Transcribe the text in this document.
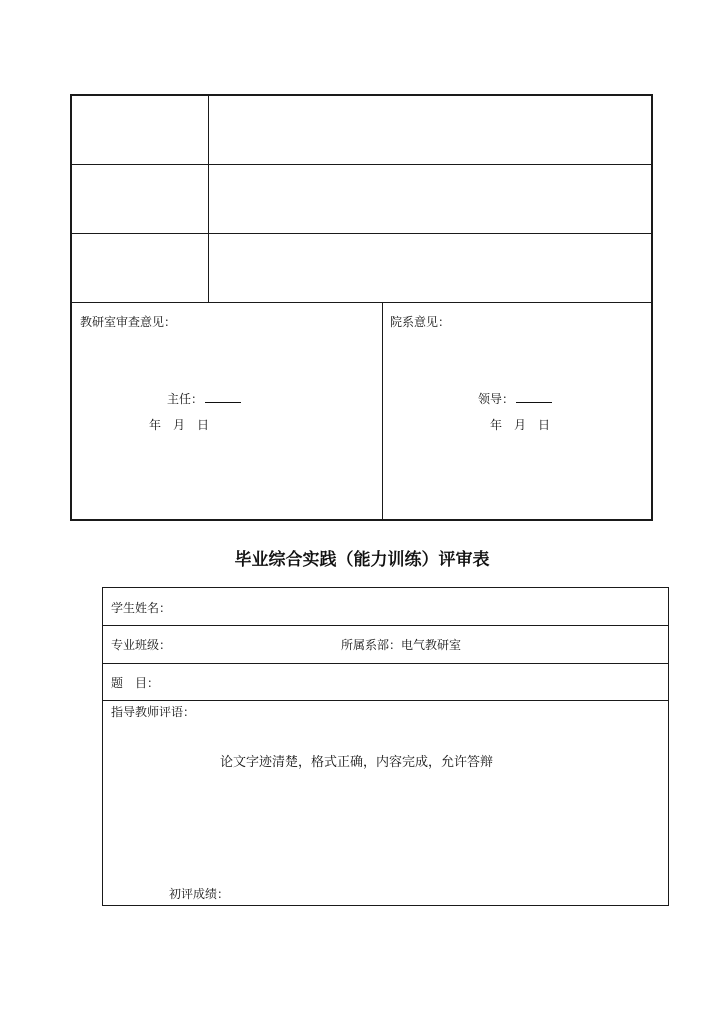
教研室审查意见：
主任：
年　月　日
院系意见：
领导：
年　月　日
毕业综合实践（能力训练）评审表
学生姓名：
专业班级：	所属系部：电气教研室
题　目：
指导教师评语：
论文字迹清楚，格式正确，内容完成，允许答辩
初评成绩：
